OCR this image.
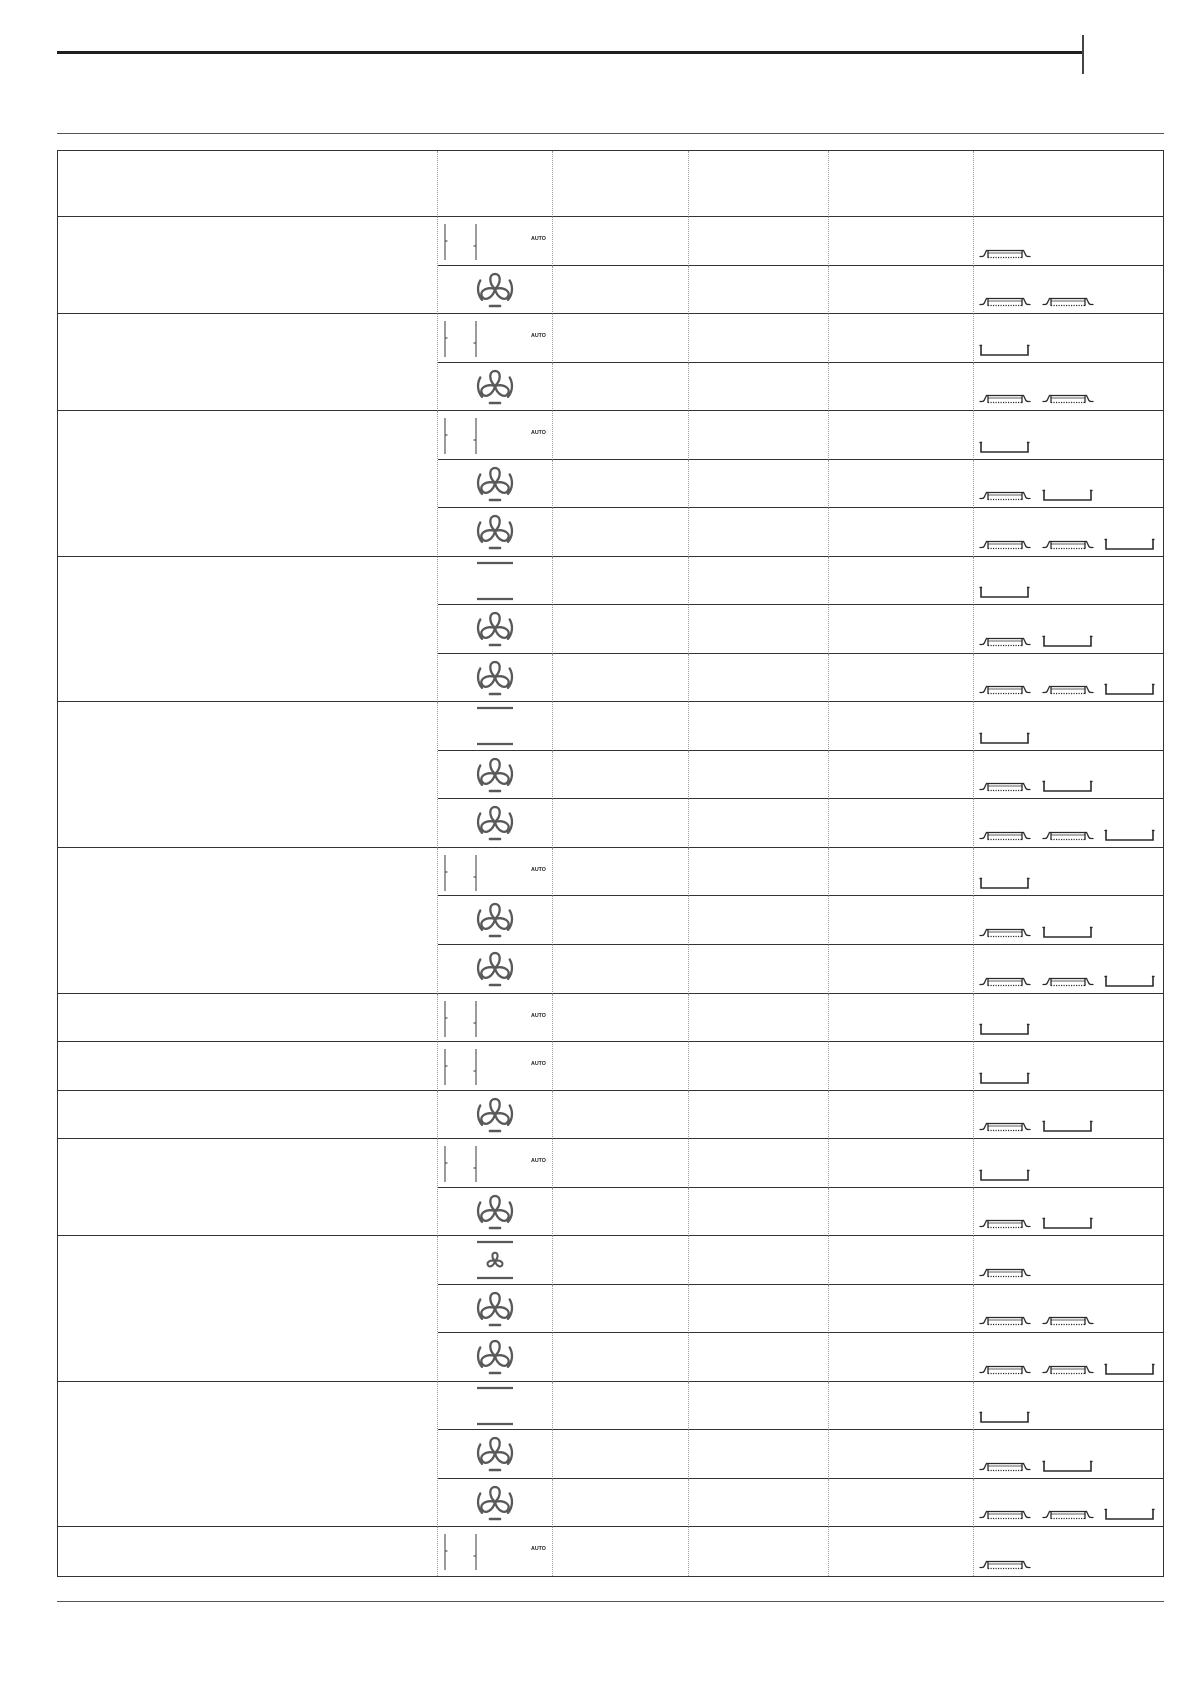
AUTO
AUTO
AUTO
AUTO
AUTO
AUTO
AUTO
AUTO
